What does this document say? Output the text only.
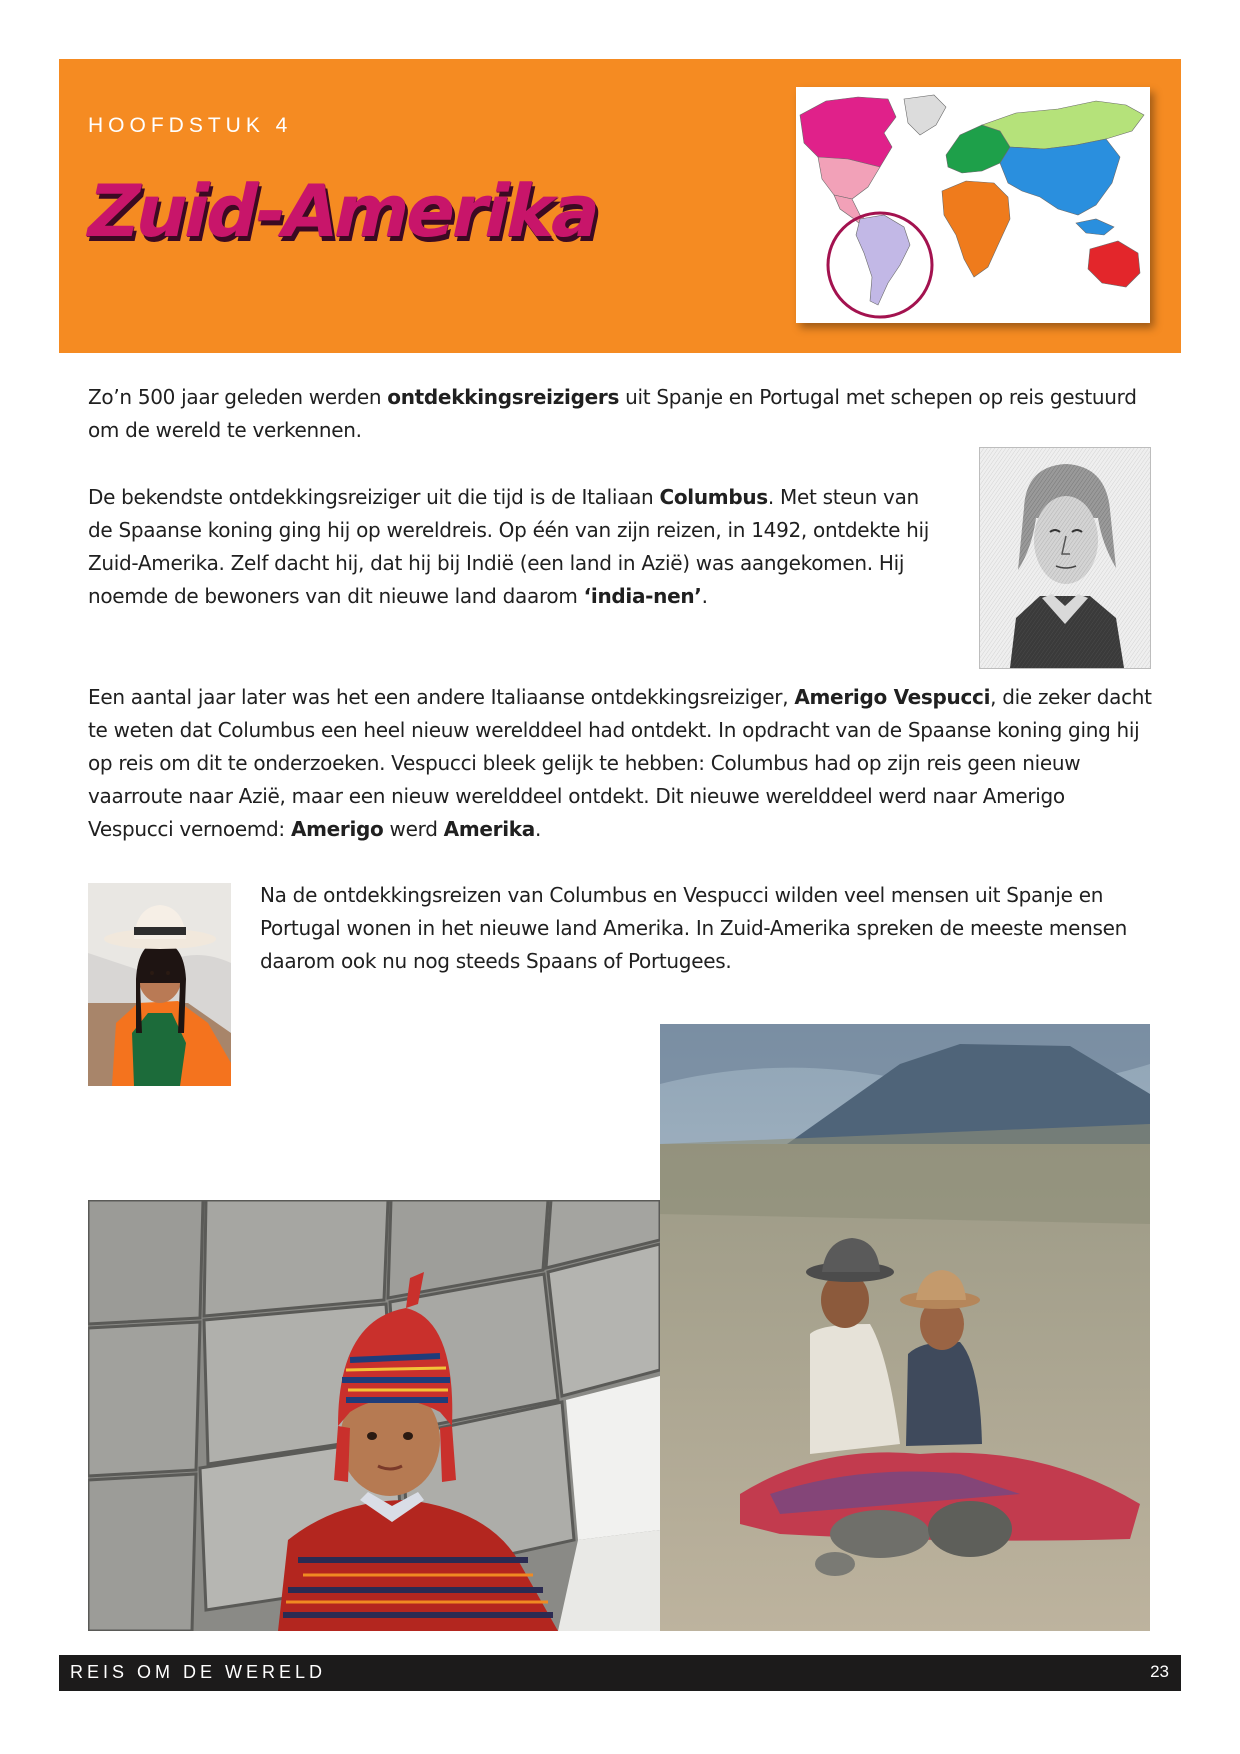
HOOFDSTUK 4
Zuid-Amerika

Zo’n 500 jaar geleden werden ontdekkingsreizigers uit Spanje en Portugal met schepen op reis gestuurd om de wereld te verkennen.

De bekendste ontdekkingsreiziger uit die tijd is de Italiaan Columbus. Met steun van de Spaanse koning ging hij op wereldreis. Op één van zijn reizen, in 1492, ontdekte hij Zuid-Amerika. Zelf dacht hij, dat hij bij Indië (een land in Azië) was aangekomen. Hij noemde de bewoners van dit nieuwe land daarom ‘india-nen’.

Een aantal jaar later was het een andere Italiaanse ontdekkingsreiziger, Amerigo Vespucci, die zeker dacht te weten dat Columbus een heel nieuw werelddeel had ontdekt. In opdracht van de Spaanse koning ging hij op reis om dit te onderzoeken. Vespucci bleek gelijk te hebben: Columbus had op zijn reis geen nieuw vaarroute naar Azië, maar een nieuw werelddeel ontdekt. Dit nieuwe werelddeel werd naar Amerigo Vespucci vernoemd: Amerigo werd Amerika.

Na de ontdekkingsreizen van Columbus en Vespucci wilden veel mensen uit Spanje en Portugal wonen in het nieuwe land Amerika. In Zuid-Amerika spreken de meeste mensen daarom ook nu nog steeds Spaans of Portugees.

REIS OM DE WERELD	23
